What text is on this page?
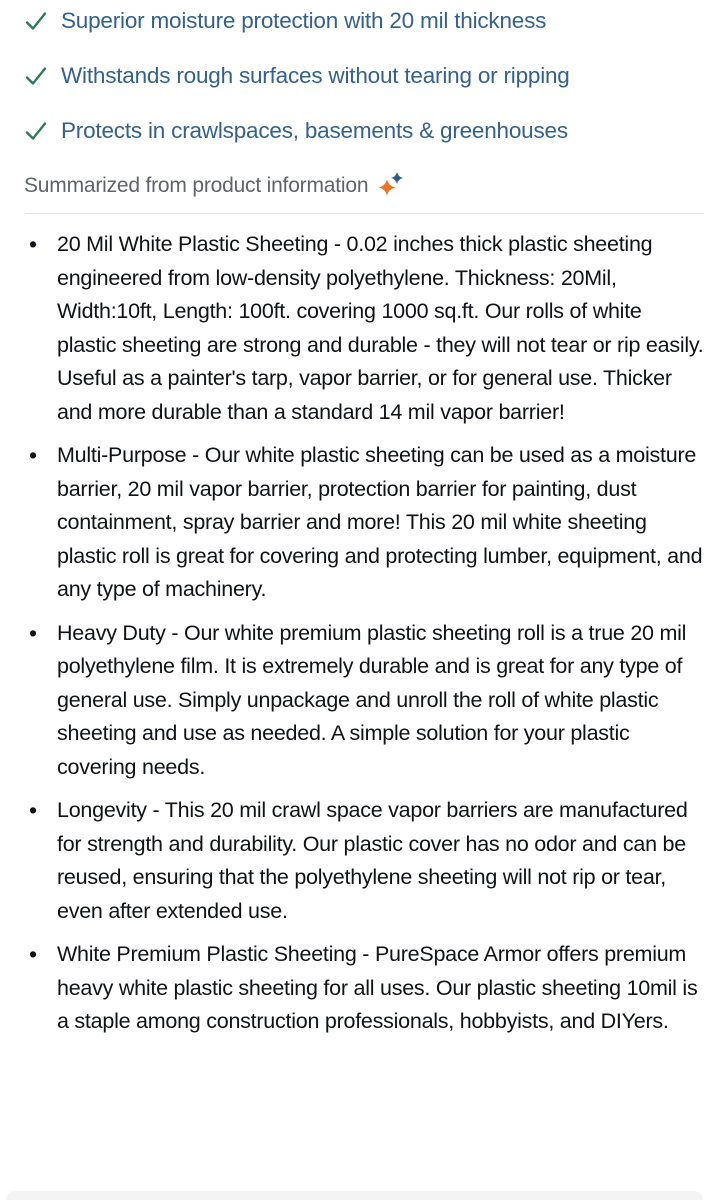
Superior moisture protection with 20 mil thickness
Withstands rough surfaces without tearing or ripping
Protects in crawlspaces, basements & greenhouses
Summarized from product information
• 20 Mil White Plastic Sheeting - 0.02 inches thick plastic sheeting engineered from low-density polyethylene. Thickness: 20Mil, Width:10ft, Length: 100ft. covering 1000 sq.ft. Our rolls of white plastic sheeting are strong and durable - they will not tear or rip easily. Useful as a painter's tarp, vapor barrier, or for general use. Thicker and more durable than a standard 14 mil vapor barrier!
• Multi-Purpose - Our white plastic sheeting can be used as a moisture barrier, 20 mil vapor barrier, protection barrier for painting, dust containment, spray barrier and more! This 20 mil white sheeting plastic roll is great for covering and protecting lumber, equipment, and any type of machinery.
• Heavy Duty - Our white premium plastic sheeting roll is a true 20 mil polyethylene film. It is extremely durable and is great for any type of general use. Simply unpackage and unroll the roll of white plastic sheeting and use as needed. A simple solution for your plastic covering needs.
• Longevity - This 20 mil crawl space vapor barriers are manufactured for strength and durability. Our plastic cover has no odor and can be reused, ensuring that the polyethylene sheeting will not rip or tear, even after extended use.
• White Premium Plastic Sheeting - PureSpace Armor offers premium heavy white plastic sheeting for all uses. Our plastic sheeting 10mil is a staple among construction professionals, hobbyists, and DIYers.
